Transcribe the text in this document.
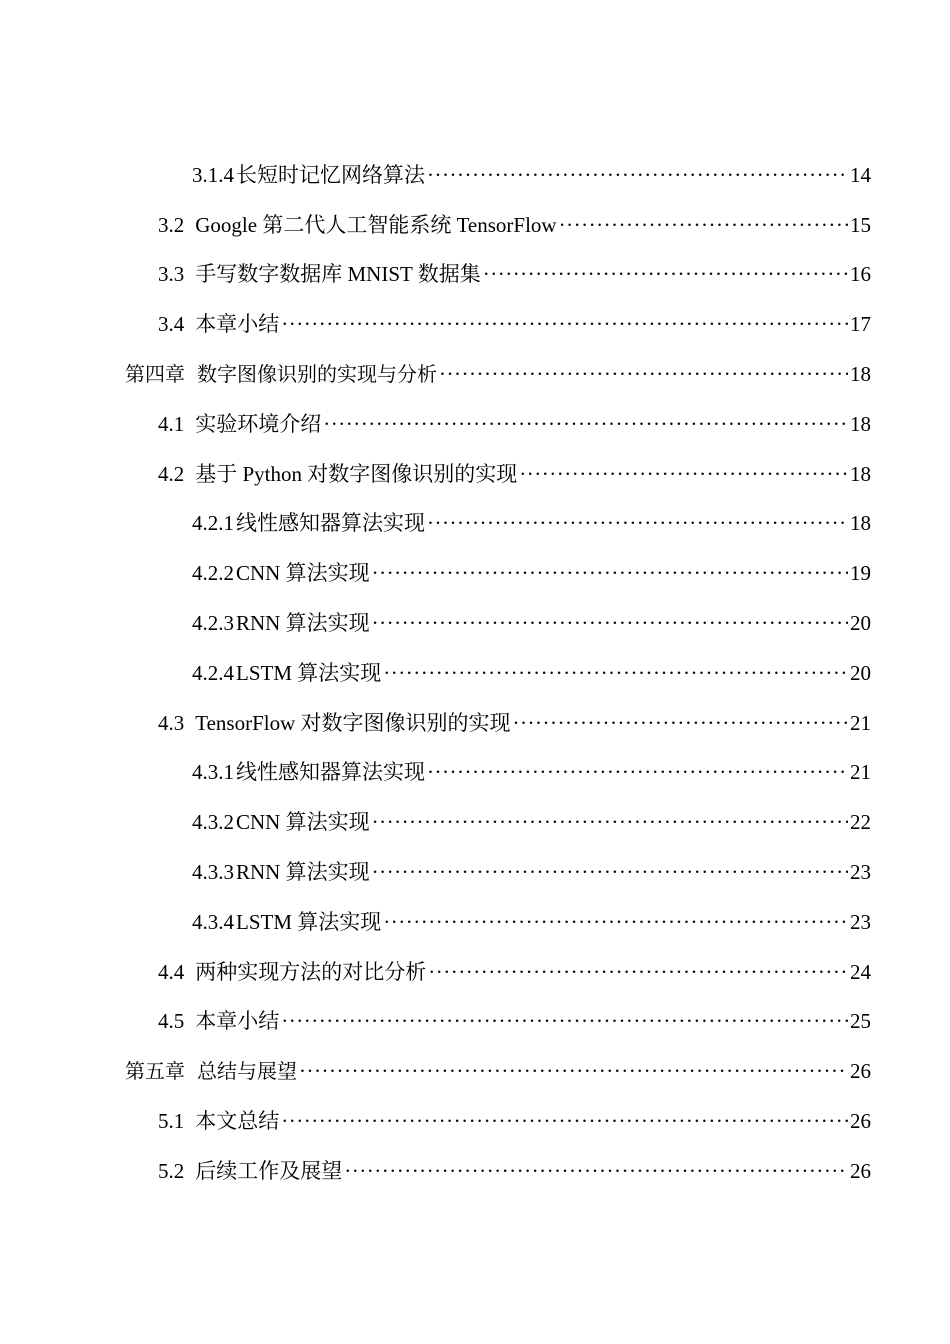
3.1.4 长短时记忆网络算法 ·····	14
3.2 Google 第二代人工智能系统 TensorFlow ·····	15
3.3 手写数字数据库 MNIST 数据集 ·····	16
3.4 本章小结 ·····	17
第四章 数字图像识别的实现与分析 ·····	18
4.1 实验环境介绍 ·····	18
4.2 基于 Python 对数字图像识别的实现 ·····	18
4.2.1 线性感知器算法实现 ·····	18
4.2.2 CNN 算法实现 ·····	19
4.2.3 RNN 算法实现 ·····	20
4.2.4 LSTM 算法实现 ·····	20
4.3 TensorFlow 对数字图像识别的实现 ·····	21
4.3.1 线性感知器算法实现 ·····	21
4.3.2 CNN 算法实现 ·····	22
4.3.3 RNN 算法实现 ·····	23
4.3.4 LSTM 算法实现 ·····	23
4.4 两种实现方法的对比分析 ·····	24
4.5 本章小结 ·····	25
第五章 总结与展望 ·····	26
5.1 本文总结 ·····	26
5.2 后续工作及展望 ·····	26
